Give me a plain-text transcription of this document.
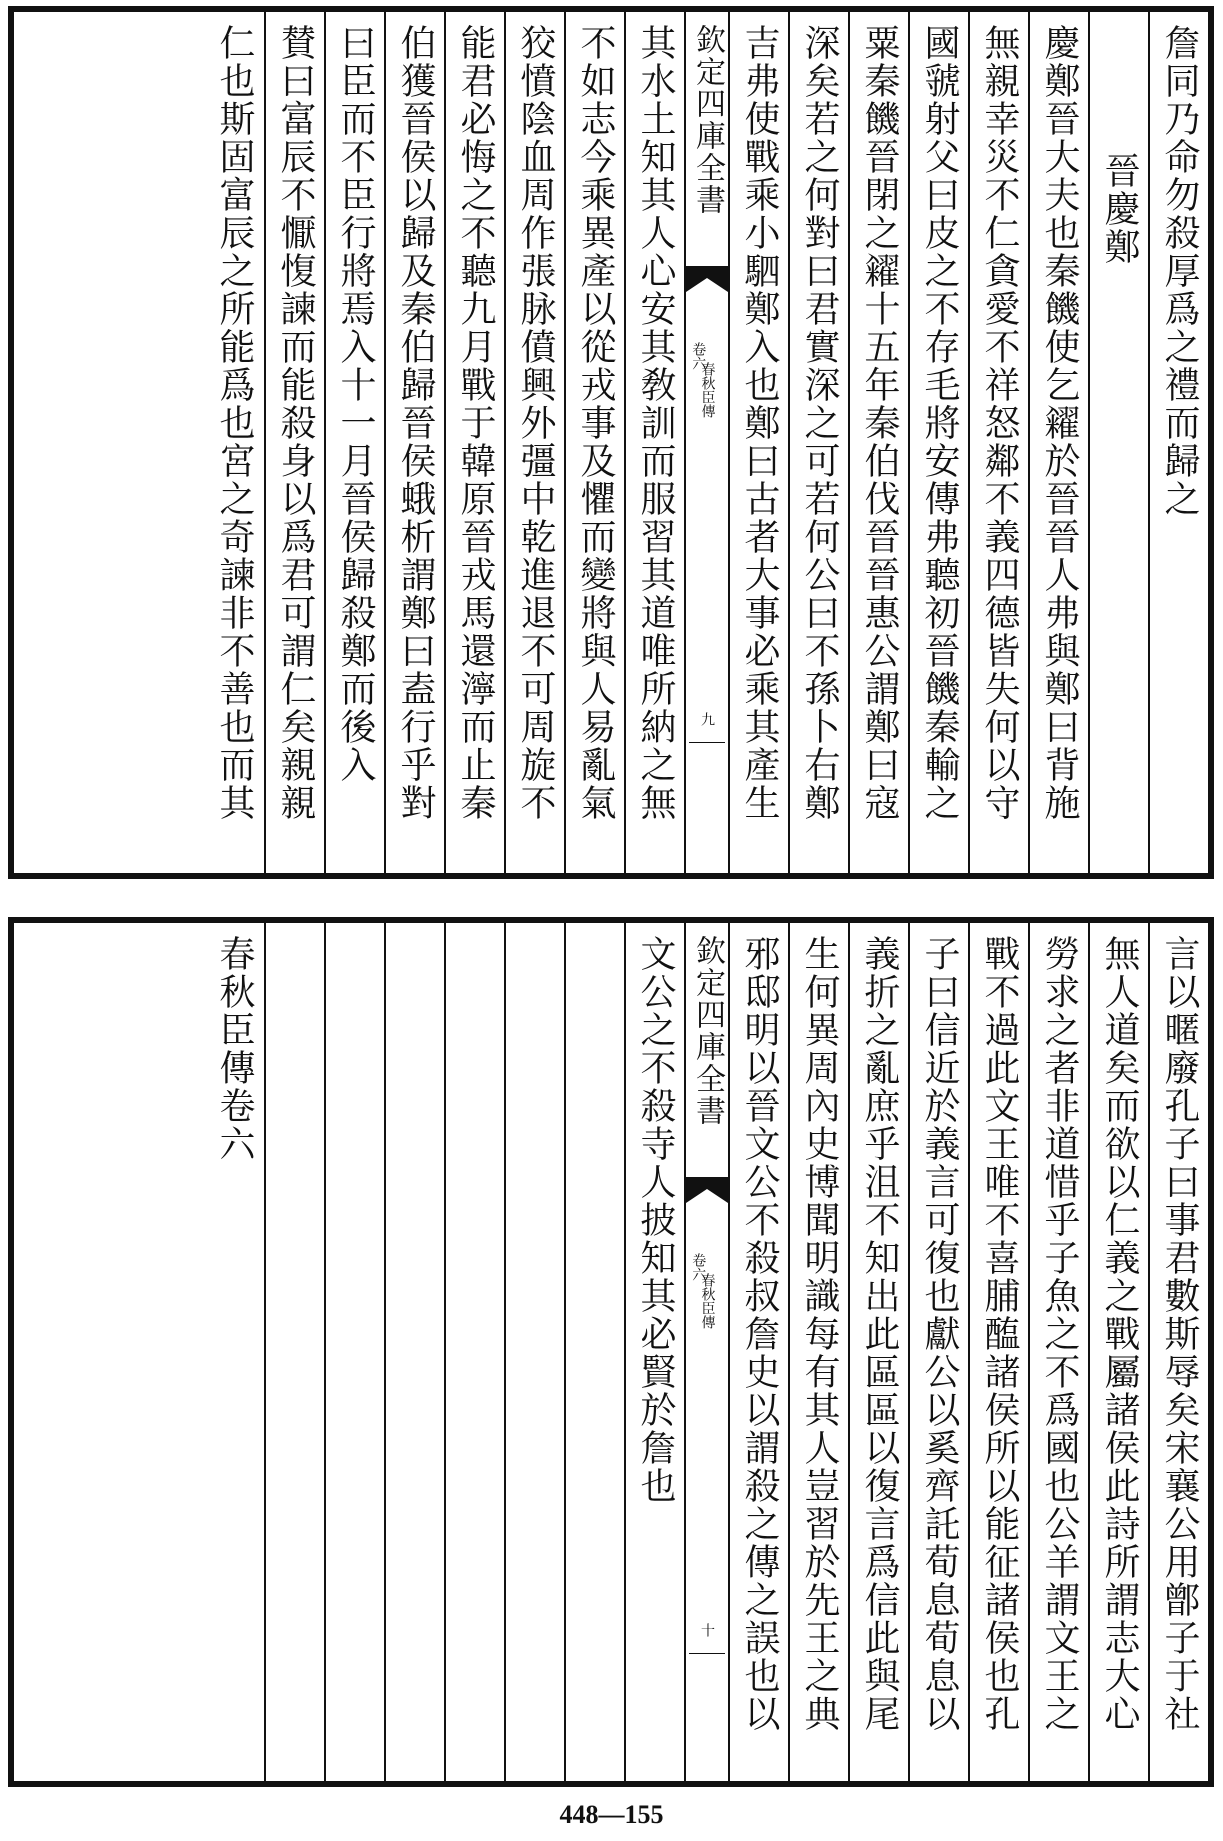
詹同乃命勿殺厚爲之禮而歸之
晉慶鄭
慶鄭晉大夫也秦饑使乞糴於晉晉人弗與鄭曰背施
無親幸災不仁貪愛不祥怒鄰不義四德皆失何以守
國虢射父曰皮之不存毛將安傳弗聽初晉饑秦輸之
粟秦饑晉閉之糴十五年秦伯伐晉晉惠公謂鄭曰寇
深矣若之何對曰君實深之可若何公曰不孫卜右鄭
吉弗使戰乘小駟鄭入也鄭曰古者大事必乘其產生
欽定四庫全書
春秋臣傳
卷六
九
其水土知其人心安其敎訓而服習其道唯所納之無
不如志今乘異產以從戎事及懼而變將與人易亂氣
狡憤陰血周作張脉僨興外彊中乾進退不可周旋不
能君必悔之不聽九月戰于韓原晉戎馬還濘而止秦
伯獲晉侯以歸及秦伯歸晉侯蛾析謂鄭曰盍行乎對
曰臣而不臣行將焉入十一月晉侯歸殺鄭而後入
賛曰富辰不懨愎諫而能殺身以爲君可謂仁矣親親
仁也斯固富辰之所能爲也宮之奇諫非不善也而其
言以暱廢孔子曰事君數斯辱矣宋襄公用鄫子于社
無人道矣而欲以仁義之戰屬諸侯此詩所謂志大心
勞求之者非道惜乎子魚之不爲國也公羊謂文王之
戰不過此文王唯不喜脯醢諸侯所以能征諸侯也孔
子曰信近於義言可復也獻公以奚齊託荀息荀息以
義折之亂庶乎沮不知出此區區以復言爲信此與尾
生何異周內史博聞明識每有其人豈習於先王之典
邪邸明以晉文公不殺叔詹史以謂殺之傳之誤也以
欽定四庫全書
春秋臣傳
卷六
十
文公之不殺寺人披知其必賢於詹也
春秋臣傳卷六
448—155
